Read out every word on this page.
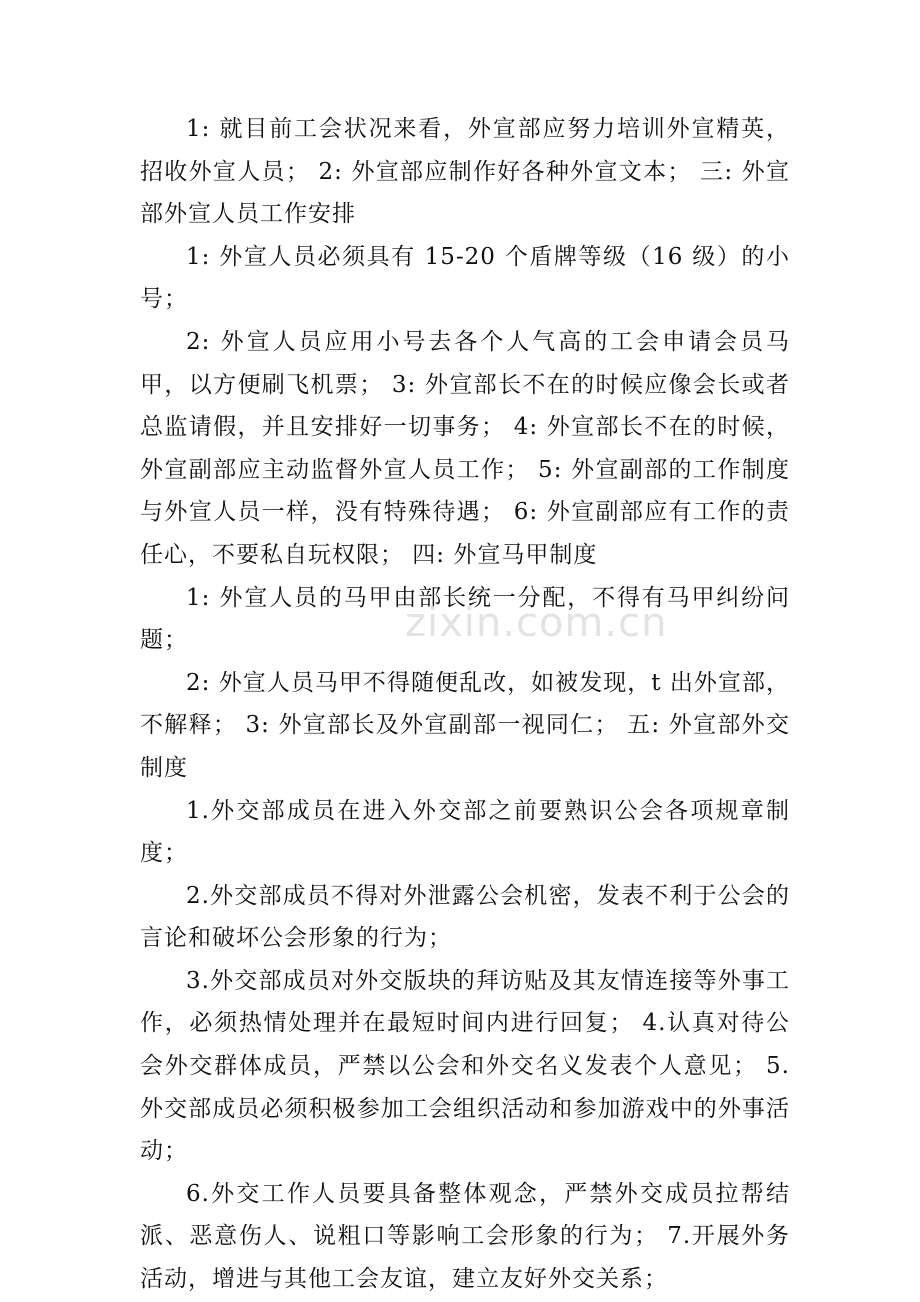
1: 就目前工会状况来看，外宣部应努力培训外宣精英，招收外宣人员； 2: 外宣部应制作好各种外宣文本； 三: 外宣部外宣人员工作安排

1: 外宣人员必须具有 15-20 个盾牌等级（16 级）的小号；

2: 外宣人员应用小号去各个人气高的工会申请会员马甲，以方便刷飞机票； 3: 外宣部长不在的时候应像会长或者总监请假，并且安排好一切事务； 4: 外宣部长不在的时候，外宣副部应主动监督外宣人员工作； 5: 外宣副部的工作制度与外宣人员一样，没有特殊待遇； 6: 外宣副部应有工作的责任心，不要私自玩权限； 四: 外宣马甲制度

1: 外宣人员的马甲由部长统一分配，不得有马甲纠纷问题；

2: 外宣人员马甲不得随便乱改，如被发现，t 出外宣部，不解释； 3: 外宣部长及外宣副部一视同仁； 五: 外宣部外交制度

1.外交部成员在进入外交部之前要熟识公会各项规章制度；

2.外交部成员不得对外泄露公会机密，发表不利于公会的言论和破坏公会形象的行为；

3.外交部成员对外交版块的拜访贴及其友情连接等外事工作，必须热情处理并在最短时间内进行回复； 4.认真对待公会外交群体成员，严禁以公会和外交名义发表个人意见； 5.外交部成员必须积极参加工会组织活动和参加游戏中的外事活动；

6.外交工作人员要具备整体观念，严禁外交成员拉帮结派、恶意伤人、说粗口等影响工会形象的行为； 7.开展外务活动，增进与其他工会友谊，建立友好外交关系；

zixin.com.cn
